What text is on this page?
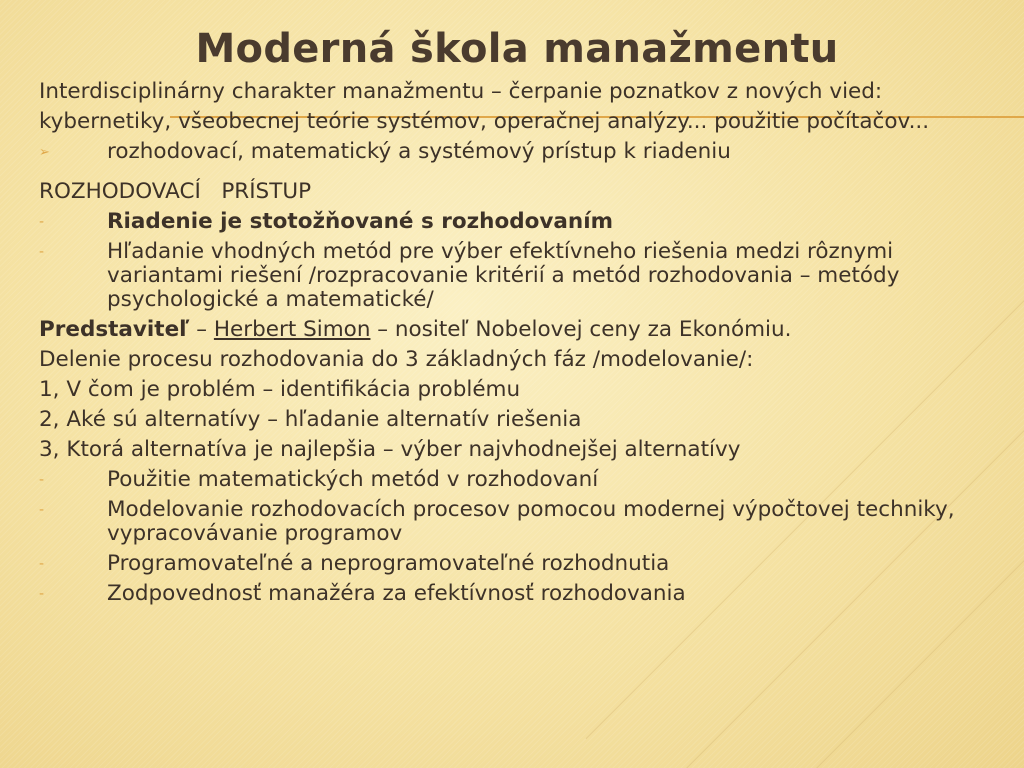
Moderná škola manažmentu

Interdisciplinárny charakter manažmentu – čerpanie poznatkov z nových vied:

kybernetiky, všeobecnej teórie systémov, operačnej analýzy... použitie počítačov...

➢	rozhodovací, matematický a systémový prístup k riadeniu

ROZHODOVACÍ PRÍSTUP

-	Riadenie je stotožňované s rozhodovaním

-	Hľadanie vhodných metód pre výber efektívneho riešenia medzi rôznymi variantami riešení /rozpracovanie kritérií a metód rozhodovania – metódy psychologické a matematické/

Predstaviteľ – Herbert Simon – nositeľ Nobelovej ceny za Ekonómiu.

Delenie procesu rozhodovania do 3 základných fáz /modelovanie/:

1, V čom je problém – identifikácia problému

2, Aké sú alternatívy – hľadanie alternatív riešenia

3, Ktorá alternatíva je najlepšia – výber najvhodnejšej alternatívy

-	Použitie matematických metód v rozhodovaní

-	Modelovanie rozhodovacích procesov pomocou modernej výpočtovej techniky, vypracovávanie programov

-	Programovateľné a neprogramovateľné rozhodnutia

-	Zodpovednosť manažéra za efektívnosť rozhodovania
